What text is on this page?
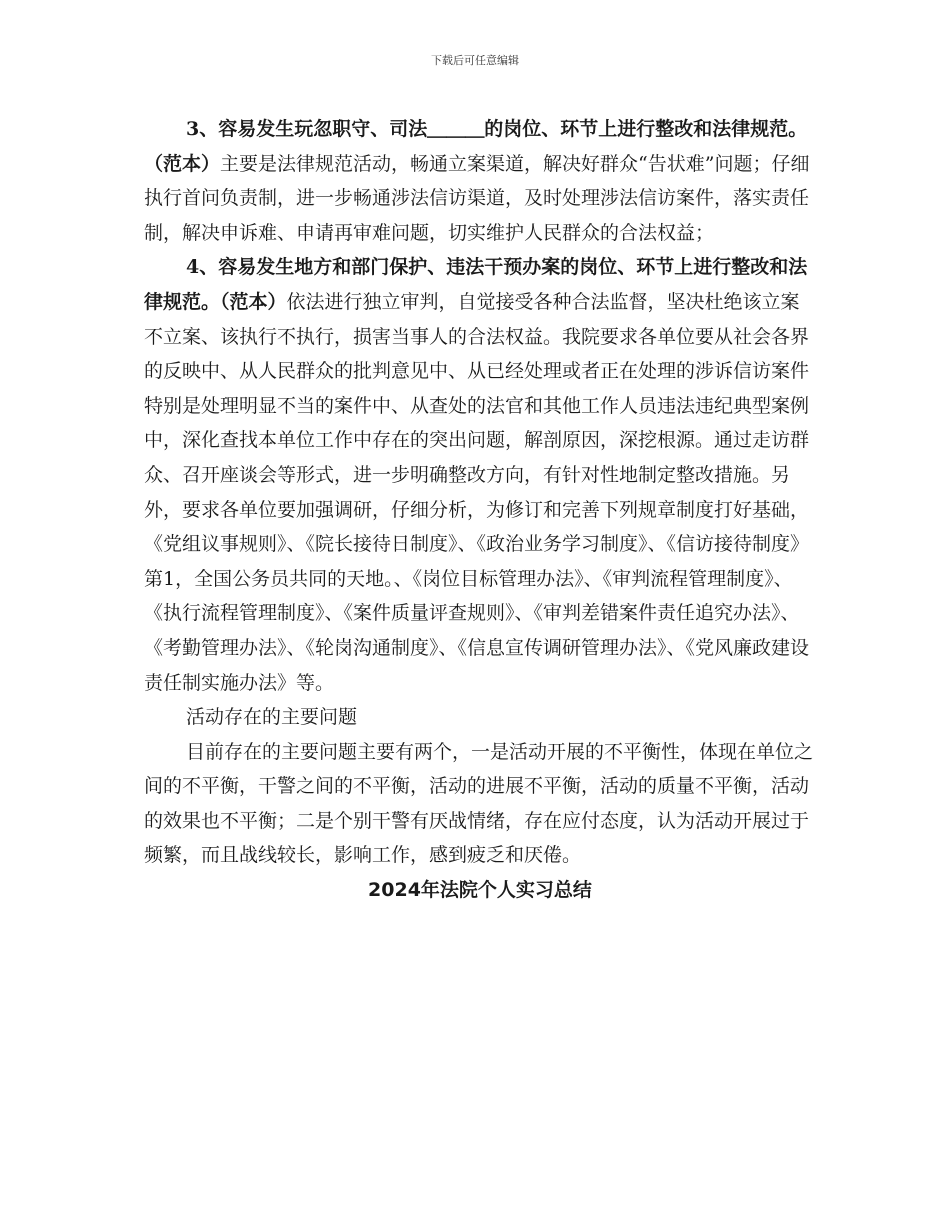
下载后可任意编辑

3、容易发生玩忽职守、司法＿＿＿的岗位、环节上进行整改和法律规范。（范本）主要是法律规范活动，畅通立案渠道，解决好群众“告状难”问题；仔细执行首问负责制，进一步畅通涉法信访渠道，及时处理涉法信访案件，落实责任制，解决申诉难、申请再审难问题，切实维护人民群众的合法权益；

4、容易发生地方和部门保护、违法干预办案的岗位、环节上进行整改和法律规范。（范本）依法进行独立审判，自觉接受各种合法监督，坚决杜绝该立案不立案、该执行不执行，损害当事人的合法权益。我院要求各单位要从社会各界的反映中、从人民群众的批判意见中、从已经处理或者正在处理的涉诉信访案件特别是处理明显不当的案件中、从查处的法官和其他工作人员违法违纪典型案例中，深化查找本单位工作中存在的突出问题，解剖原因，深挖根源。通过走访群众、召开座谈会等形式，进一步明确整改方向，有针对性地制定整改措施。另外，要求各单位要加强调研，仔细分析，为修订和完善下列规章制度打好基础，《党组议事规则》、《院长接待日制度》、《政治业务学习制度》、《信访接待制度》第1，全国公务员共同的天地。、《岗位目标管理办法》、《审判流程管理制度》、《执行流程管理制度》、《案件质量评查规则》、《审判差错案件责任追究办法》、《考勤管理办法》、《轮岗沟通制度》、《信息宣传调研管理办法》、《党风廉政建设责任制实施办法》等。

活动存在的主要问题

目前存在的主要问题主要有两个，一是活动开展的不平衡性，体现在单位之间的不平衡，干警之间的不平衡，活动的进展不平衡，活动的质量不平衡，活动的效果也不平衡；二是个别干警有厌战情绪，存在应付态度，认为活动开展过于频繁，而且战线较长，影响工作，感到疲乏和厌倦。

2024年法院个人实习总结
